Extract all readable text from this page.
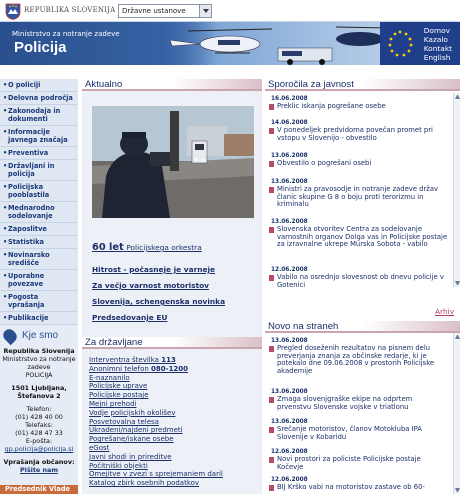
REPUBLIKA SLOVENIJA Državne ustanove
Ministrstvo za notranje zadeve
Policija
Domov
Kazalo
Kontakt
English
• O policiji
• Delovna področja
• Zakonodaja in dokumenti
• Informacije javnega značaja
• Preventiva
• Državljani in policija
• Policijska pooblastila
• Mednarodno sodelovanje
• Zaposlitve
• Statistika
• Novinarsko središče
• Uporabne povezave
• Pogosta vprašanja
• Publikacije
Kje smo
Republika Slovenija
Ministrstvo za notranje zadeve
POLICIJA
1501 Ljubljana, Štefanova 2
Telefon:
(01) 428 40 00
Telefaks:
(01) 428 47 33
E-pošta:
gp.policija@policija.si
Vprašanja občanov:
Pišite nam
Predsednik Vlade
Aktualno
60 let Policijskega orkestra
Hitrost - počasneje je varneje
Za večjo varnost motoristov
Slovenija, schengenska novinka
Predsedovanje EU
Za državljane
Interventna številka 113
Anonimni telefon 080-1200
E-naznanilo
Policijske uprave
Policijske postaje
Mejni prehodi
Vodje policijskih okolišev
Posvetovalna telesa
Ukradeni/najdeni predmeti
Pogrešane/iskane osebe
eGost
Javni shodi in prireditve
Počitniški objekti
Omejitve v zvezi s sprejemaniem daril
Katalog zbirk osebnih podatkov
Sporočila za javnost
16.06.2008
Preklic iskanja pogrešane osebe
14.06.2008
V ponedeljek predvidoma povečan promet pri vstopu v Slovenijo - obvestilo
13.06.2008
Obvestilo o pogrešani osebi
13.06.2008
Ministri za pravosodje in notranje zadeve držav članic skupine G 8 o boju proti terorizmu in kriminalu
13.06.2008
Slovenska otvoritev Centra za sodelovanje varnostnih organov Dolga vas in Policijske postaje za izravnalne ukrepe Murska Sobota - vabilo
12.06.2008
Vabilo na osrednjo slovesnost ob dnevu policije v Gotenici
Arhiv
Novo na straneh
13.06.2008
Pregled doseženih rezultatov na pisnem delu preverjanja znanja za občinske redarje, ki je potekalo dne 09.06.2008 v prostorih Policijske akademije
13.06.2008
Zmaga slovenjgraške ekipe na odprtem prvenstvu Slovenske vojske v triatlonu
13.06.2008
Srečanje motoristov, članov Motokluba IPA Slovenije v Kobaridu
12.06.2008
Novi prostori za policiste Policijske postaje Kočevje
12.06.2008
BIJ Krško vabi na motoristov zastave ob 60-
